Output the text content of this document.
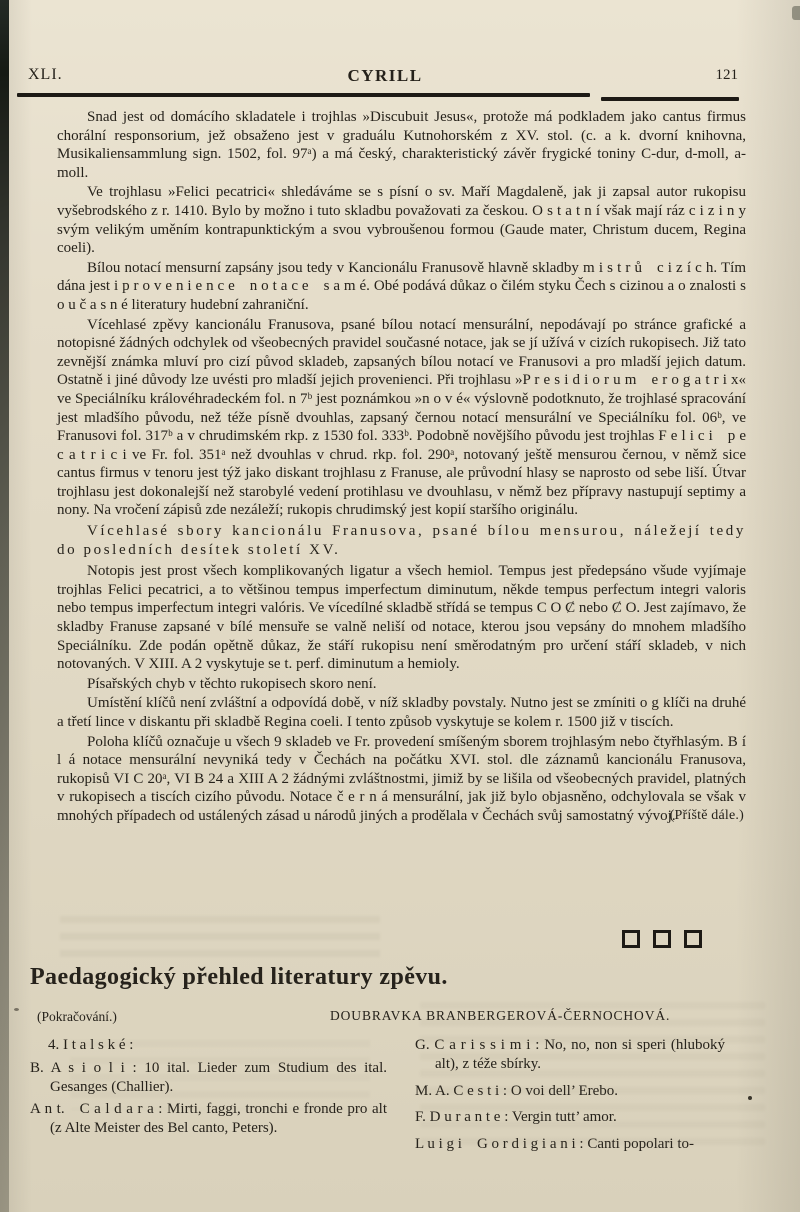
XLI.	CYRILL	121

Snad jest od domácího skladatele i trojhlas »Discubuit Jesus«, protože má podkladem jako cantus firmus chorální responsorium, jež obsaženo jest v graduálu Kutnohorském z XV. stol. (c. a k. dvorní knihovna, Musikaliensammlung sign. 1502, fol. 97ᵃ) a má český, charakteristický závěr frygické toniny C-dur, d-moll, a-moll.

Ve trojhlasu »Felici pecatrici« shledáváme se s písní o sv. Maří Magdaleně, jak ji zapsal autor rukopisu vyšebrodského z r. 1410. Bylo by možno i tuto skladbu považovati za českou. O s t a t n í však mají ráz c i z i n y svým velikým uměním kontrapunktickým a svou vybroušenou formou (Gaude mater, Christum ducem, Regina coeli).

Bílou notací mensurní zapsány jsou tedy v Kancionálu Franusově hlavně skladby m i s t r ů c i z í c h. Tím dána jest i p r o v e n i e n c e n o t a c e s a m é. Obé podává důkaz o čilém styku Čech s cizinou a o znalosti s o u č a s n é literatury hudební zahraniční.

Vícehlasé zpěvy kancionálu Franusova, psané bílou notací mensurální, nepodávají po stránce grafické a notopisné žádných odchylek od všeobecných pravidel současné notace, jak se jí užívá v cizích rukopisech. Již tato zevnější známka mluví pro cizí původ skladeb, zapsaných bílou notací ve Franusovi a pro mladší jejich datum. Ostatně i jiné důvody lze uvésti pro mladší jejich provenienci. Při trojhlasu »P r e s i d i o r u m e r o g a t r i x« ve Speciálníku královéhradeckém fol. n 7ᵇ jest poznámkou »n o v é« výslovně podotknuto, že trojhlasé spracování jest mladšího původu, než téže písně dvouhlas, zapsaný černou notací mensurální ve Speciálníku fol. 06ᵇ, ve Franusovi fol. 317ᵇ a v chrudimském rkp. z 1530 fol. 333ᵇ. Podobně novějšího původu jest trojhlas F e l i c i p e c a t r i c i ve Fr. fol. 351ᵃ než dvouhlas v chrud. rkp. fol. 290ᵃ, notovaný ještě mensurou černou, v němž sice cantus firmus v tenoru jest týž jako diskant trojhlasu z Franuse, ale průvodní hlasy se naprosto od sebe liší. Útvar trojhlasu jest dokonalejší než starobylé vedení protihlasu ve dvouhlasu, v němž bez přípravy nastupují septimy a nony. Na vročení zápisů zde nezáleží; rukopis chrudimský jest kopií staršího originálu.

Vícehlasé sbory kancionálu Franusova, psané bílou mensurou, náležejí tedy do posledních desítek století XV.

Notopis jest prost všech komplikovaných ligatur a všech hemiol. Tempus jest předepsáno všude vyjímaje trojhlas Felici pecatrici, a to většinou tempus imperfectum diminutum, někde tempus perfectum integri valoris nebo tempus imperfectum integri valóris. Ve vícedílné skladbě střídá se tempus C O Ȼ nebo Ȼ O. Jest zajímavo, že skladby Franuse zapsané v bílé mensuře se valně neliší od notace, kterou jsou vepsány do mnohem mladšího Speciálníku. Zde podán opětně důkaz, že stáří rukopisu není směrodatným pro určení stáří skladeb, v nich notovaných. V XIII. A 2 vyskytuje se t. perf. diminutum a hemioly.

Písařských chyb v těchto rukopisech skoro není.

Umístění klíčů není zvláštní a odpovídá době, v níž skladby povstaly. Nutno jest se zmíniti o g klíči na druhé a třetí lince v diskantu při skladbě Regina coeli. I tento způsob vyskytuje se kolem r. 1500 již v tiscích.

Poloha klíčů označuje u všech 9 skladeb ve Fr. provedení smíšeným sborem trojhlasým nebo čtyřhlasým. B í l á notace mensurální nevyniká tedy v Čechách na počátku XVI. stol. dle záznamů kancionálu Franusova, rukopisů VI C 20ᵃ, VI B 24 a XIII A 2 žádnými zvláštnostmi, jimiž by se lišila od všeobecných pravidel, platných v rukopisech a tiscích cizího původu. Notace č e r n á mensurální, jak již bylo objasněno, odchylovala se však v mnohých případech od ustálených zásad u národů jiných a prodělala v Čechách svůj samostatný vývoj.

(Příště dále.)

Paedagogický přehled literatury zpěvu.
(Pokračování.)	DOUBRAVKA BRANBERGEROVÁ-ČERNOCHOVÁ.
4. I t a l s k é :
B. A s i o l i : 10 ital. Lieder zum Studium des ital. Gesanges (Challier).
A n t. C a l d a r a : Mirti, faggi, tronchi e fronde pro alt (z Alte Meister des Bel canto, Peters).
G. C a r i s s i m i : No, no, non si speri (hluboký alt), z téže sbírky.
M. A. C e s t i : O voi dell’ Erebo.
F. D u r a n t e : Vergin tutt’ amor.
L u i g i G o r d i g i a n i : Canti popolari to-
